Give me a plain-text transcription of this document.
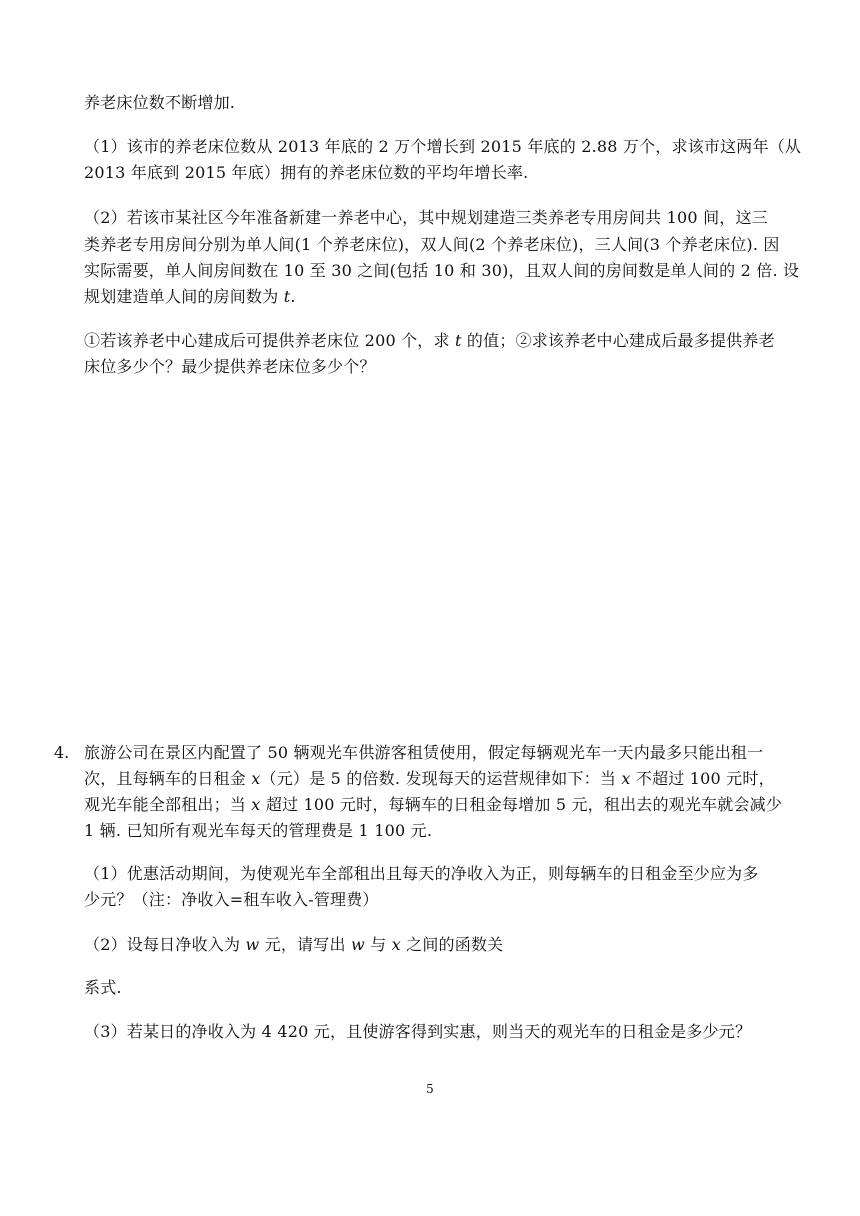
养老床位数不断增加.
（1）该市的养老床位数从 2013 年底的 2 万个增长到 2015 年底的 2.88 万个，求该市这两年（从
2013 年底到 2015 年底）拥有的养老床位数的平均年增长率.
（2）若该市某社区今年准备新建一养老中心，其中规划建造三类养老专用房间共 100 间，这三
类养老专用房间分别为单人间(1 个养老床位)，双人间(2 个养老床位)，三人间(3 个养老床位). 因
实际需要，单人间房间数在 10 至 30 之间(包括 10 和 30)，且双人间的房间数是单人间的 2 倍. 设
规划建造单人间的房间数为 t.
①若该养老中心建成后可提供养老床位 200 个，求 t 的值；②求该养老中心建成后最多提供养老
床位多少个？最少提供养老床位多少个？
4. 旅游公司在景区内配置了 50 辆观光车供游客租赁使用，假定每辆观光车一天内最多只能出租一
次，且每辆车的日租金 x（元）是 5 的倍数. 发现每天的运营规律如下：当 x 不超过 100 元时，
观光车能全部租出；当 x 超过 100 元时，每辆车的日租金每增加 5 元，租出去的观光车就会减少
1 辆. 已知所有观光车每天的管理费是 1 100 元.
（1）优惠活动期间，为使观光车全部租出且每天的净收入为正，则每辆车的日租金至少应为多
少元？（注：净收入=租车收入-管理费）
（2）设每日净收入为 w 元，请写出 w 与 x 之间的函数关
系式.
（3）若某日的净收入为 4 420 元，且使游客得到实惠，则当天的观光车的日租金是多少元？
5
